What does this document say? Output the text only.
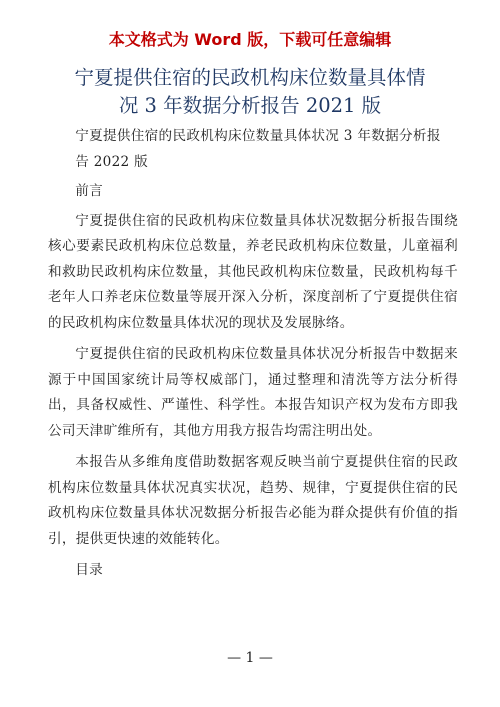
本文格式为 Word 版，下载可任意编辑
宁夏提供住宿的民政机构床位数量具体情
况 3 年数据分析报告 2021 版

宁夏提供住宿的民政机构床位数量具体状况 3 年数据分析报

告 2022 版

前言

宁夏提供住宿的民政机构床位数量具体状况数据分析报告围绕核心要素民政机构床位总数量，养老民政机构床位数量，儿童福利和救助民政机构床位数量，其他民政机构床位数量，民政机构每千老年人口养老床位数量等展开深入分析，深度剖析了宁夏提供住宿的民政机构床位数量具体状况的现状及发展脉络。

宁夏提供住宿的民政机构床位数量具体状况分析报告中数据来源于中国国家统计局等权威部门，通过整理和清洗等方法分析得出，具备权威性、严谨性、科学性。本报告知识产权为发布方即我公司天津旷维所有，其他方用我方报告均需注明出处。

本报告从多维角度借助数据客观反映当前宁夏提供住宿的民政机构床位数量具体状况真实状况，趋势、规律，宁夏提供住宿的民政机构床位数量具体状况数据分析报告必能为群众提供有价值的指引，提供更快速的效能转化。

目录

— 1 —
